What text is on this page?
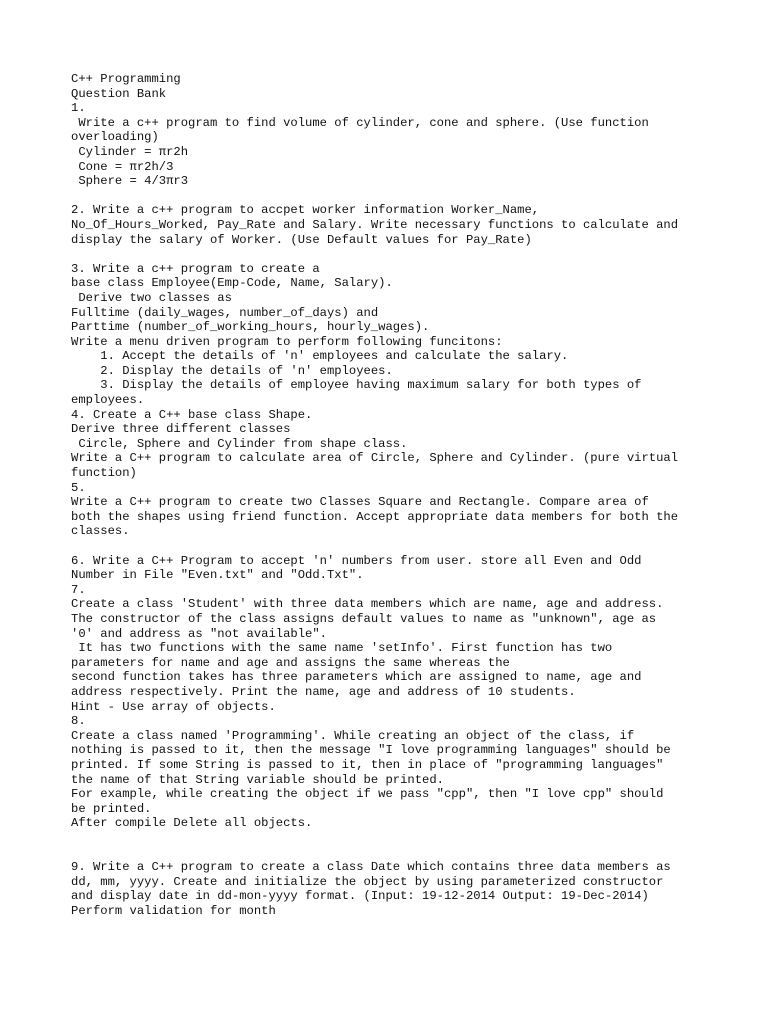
C++ Programming
Question Bank
1.
Write a c++ program to find volume of cylinder, cone and sphere. (Use function
overloading)
Cylinder = πr2h
Cone = πr2h/3
Sphere = 4/3πr3
2. Write a c++ program to accpet worker information Worker_Name,
No_Of_Hours_Worked, Pay_Rate and Salary. Write necessary functions to calculate and
display the salary of Worker. (Use Default values for Pay_Rate)
3. Write a c++ program to create a
base class Employee(Emp-Code, Name, Salary).
Derive two classes as
Fulltime (daily_wages, number_of_days) and
Parttime (number_of_working_hours, hourly_wages).
Write a menu driven program to perform following funcitons:
1. Accept the details of 'n' employees and calculate the salary.
2. Display the details of 'n' employees.
3. Display the details of employee having maximum salary for both types of
employees.
4. Create a C++ base class Shape.
Derive three different classes
Circle, Sphere and Cylinder from shape class.
Write a C++ program to calculate area of Circle, Sphere and Cylinder. (pure virtual
function)
5.
Write a C++ program to create two Classes Square and Rectangle. Compare area of
both the shapes using friend function. Accept appropriate data members for both the
classes.
6. Write a C++ Program to accept 'n' numbers from user. store all Even and Odd
Number in File "Even.txt" and "Odd.Txt".
7.
Create a class 'Student' with three data members which are name, age and address.
The constructor of the class assigns default values to name as "unknown", age as
'0' and address as "not available".
It has two functions with the same name 'setInfo'. First function has two
parameters for name and age and assigns the same whereas the
second function takes has three parameters which are assigned to name, age and
address respectively. Print the name, age and address of 10 students.
Hint - Use array of objects.
8.
Create a class named 'Programming'. While creating an object of the class, if
nothing is passed to it, then the message "I love programming languages" should be
printed. If some String is passed to it, then in place of "programming languages"
the name of that String variable should be printed.
For example, while creating the object if we pass "cpp", then "I love cpp" should
be printed.
After compile Delete all objects.
9. Write a C++ program to create a class Date which contains three data members as
dd, mm, yyyy. Create and initialize the object by using parameterized constructor
and display date in dd-mon-yyyy format. (Input: 19-12-2014 Output: 19-Dec-2014)
Perform validation for month
